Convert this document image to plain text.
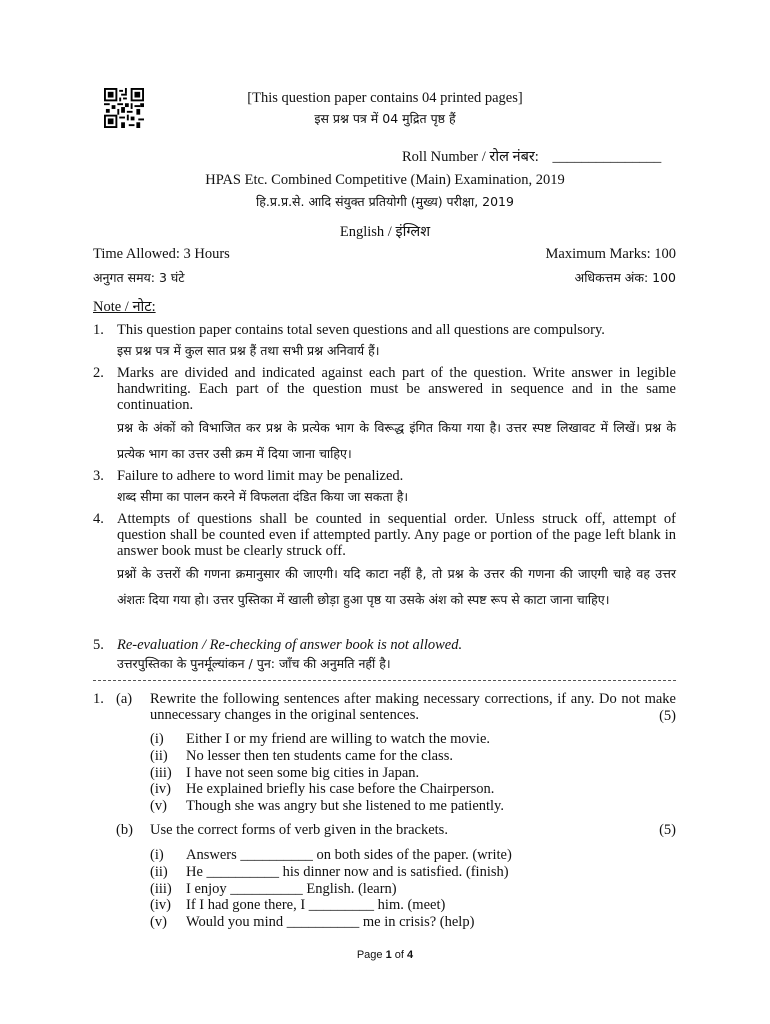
[This question paper contains 04 printed pages]
इस प्रश्न पत्र में 04 मुद्रित पृष्ठ हैं
Roll Number / रोल नंबर: _______________
HPAS Etc. Combined Competitive (Main) Examination, 2019
हि.प्र.प्र.से. आदि संयुक्त प्रतियोगी (मुख्य) परीक्षा, 2019
English / इंग्लिश
Time Allowed: 3 Hours	Maximum Marks: 100
अनुगत समय: 3 घंटे	अधिकत्तम अंक: 100
Note / नोट:
1. This question paper contains total seven questions and all questions are compulsory.
इस प्रश्न पत्र में कुल सात प्रश्न हैं तथा सभी प्रश्न अनिवार्य हैं।
2. Marks are divided and indicated against each part of the question. Write answer in legible handwriting. Each part of the question must be answered in sequence and in the same continuation.
प्रश्न के अंकों को विभाजित कर प्रश्न के प्रत्येक भाग के विरूद्ध इंगित किया गया है। उत्तर स्पष्ट लिखावट में लिखें। प्रश्न के प्रत्येक भाग का उत्तर उसी क्रम में दिया जाना चाहिए।
3. Failure to adhere to word limit may be penalized.
शब्द सीमा का पालन करने में विफलता दंडित किया जा सकता है।
4. Attempts of questions shall be counted in sequential order. Unless struck off, attempt of question shall be counted even if attempted partly. Any page or portion of the page left blank in answer book must be clearly struck off.
प्रश्नों के उत्तरों की गणना क्रमानुसार की जाएगी। यदि काटा नहीं है, तो प्रश्न के उत्तर की गणना की जाएगी चाहे वह उत्तर अंशतः दिया गया हो। उत्तर पुस्तिका में खाली छोड़ा हुआ पृष्ठ या उसके अंश को स्पष्ट रूप से काटा जाना चाहिए।
5. Re-evaluation / Re-checking of answer book is not allowed.
उत्तरपुस्तिका के पुनर्मूल्यांकन / पुन: जाँच की अनुमति नहीं है।
1. (a) Rewrite the following sentences after making necessary corrections, if any. Do not make unnecessary changes in the original sentences.	(5)
(i)	Either I or my friend are willing to watch the movie.
(ii)	No lesser then ten students came for the class.
(iii) I have not seen some big cities in Japan.
(iv)	He explained briefly his case before the Chairperson.
(v)	Though she was angry but she listened to me patiently.
(b) Use the correct forms of verb given in the brackets.	(5)
(i)	Answers __________ on both sides of the paper. (write)
(ii)	He __________ his dinner now and is satisfied. (finish)
(iii) I enjoy __________ English. (learn)
(iv)	If I had gone there, I _________ him. (meet)
(v)	Would you mind __________ me in crisis? (help)
Page 1 of 4
